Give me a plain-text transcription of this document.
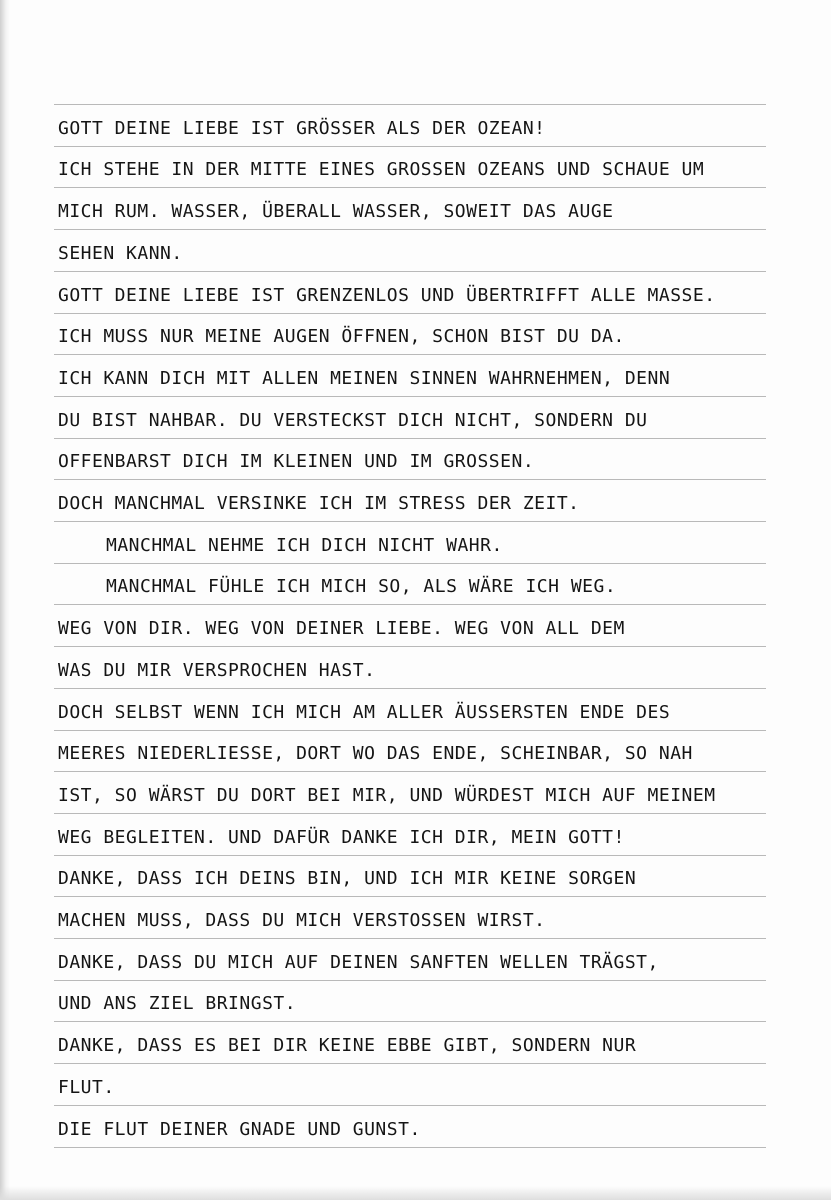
GOTT DEINE LIEBE IST GRÖSSER ALS DER OZEAN!
ICH STEHE IN DER MITTE EINES GROSSEN OZEANS UND SCHAUE UM
MICH RUM. WASSER, ÜBERALL WASSER, SOWEIT DAS AUGE
SEHEN KANN.
GOTT DEINE LIEBE IST GRENZENLOS UND ÜBERTRIFFT ALLE MASSE.
ICH MUSS NUR MEINE AUGEN ÖFFNEN, SCHON BIST DU DA.
ICH KANN DICH MIT ALLEN MEINEN SINNEN WAHRNEHMEN, DENN
DU BIST NAHBAR. DU VERSTECKST DICH NICHT, SONDERN DU
OFFENBARST DICH IM KLEINEN UND IM GROSSEN.
DOCH MANCHMAL VERSINKE ICH IM STRESS DER ZEIT.
MANCHMAL NEHME ICH DICH NICHT WAHR.
MANCHMAL FÜHLE ICH MICH SO, ALS WÄRE ICH WEG.
WEG VON DIR. WEG VON DEINER LIEBE. WEG VON ALL DEM
WAS DU MIR VERSPROCHEN HAST.
DOCH SELBST WENN ICH MICH AM ALLER ÄUSSERSTEN ENDE DES
MEERES NIEDERLIESSE, DORT WO DAS ENDE, SCHEINBAR, SO NAH
IST, SO WÄRST DU DORT BEI MIR, UND WÜRDEST MICH AUF MEINEM
WEG BEGLEITEN. UND DAFÜR DANKE ICH DIR, MEIN GOTT!
DANKE, DASS ICH DEINS BIN, UND ICH MIR KEINE SORGEN
MACHEN MUSS, DASS DU MICH VERSTOSSEN WIRST.
DANKE, DASS DU MICH AUF DEINEN SANFTEN WELLEN TRÄGST,
UND ANS ZIEL BRINGST.
DANKE, DASS ES BEI DIR KEINE EBBE GIBT, SONDERN NUR
FLUT.
DIE FLUT DEINER GNADE UND GUNST.
